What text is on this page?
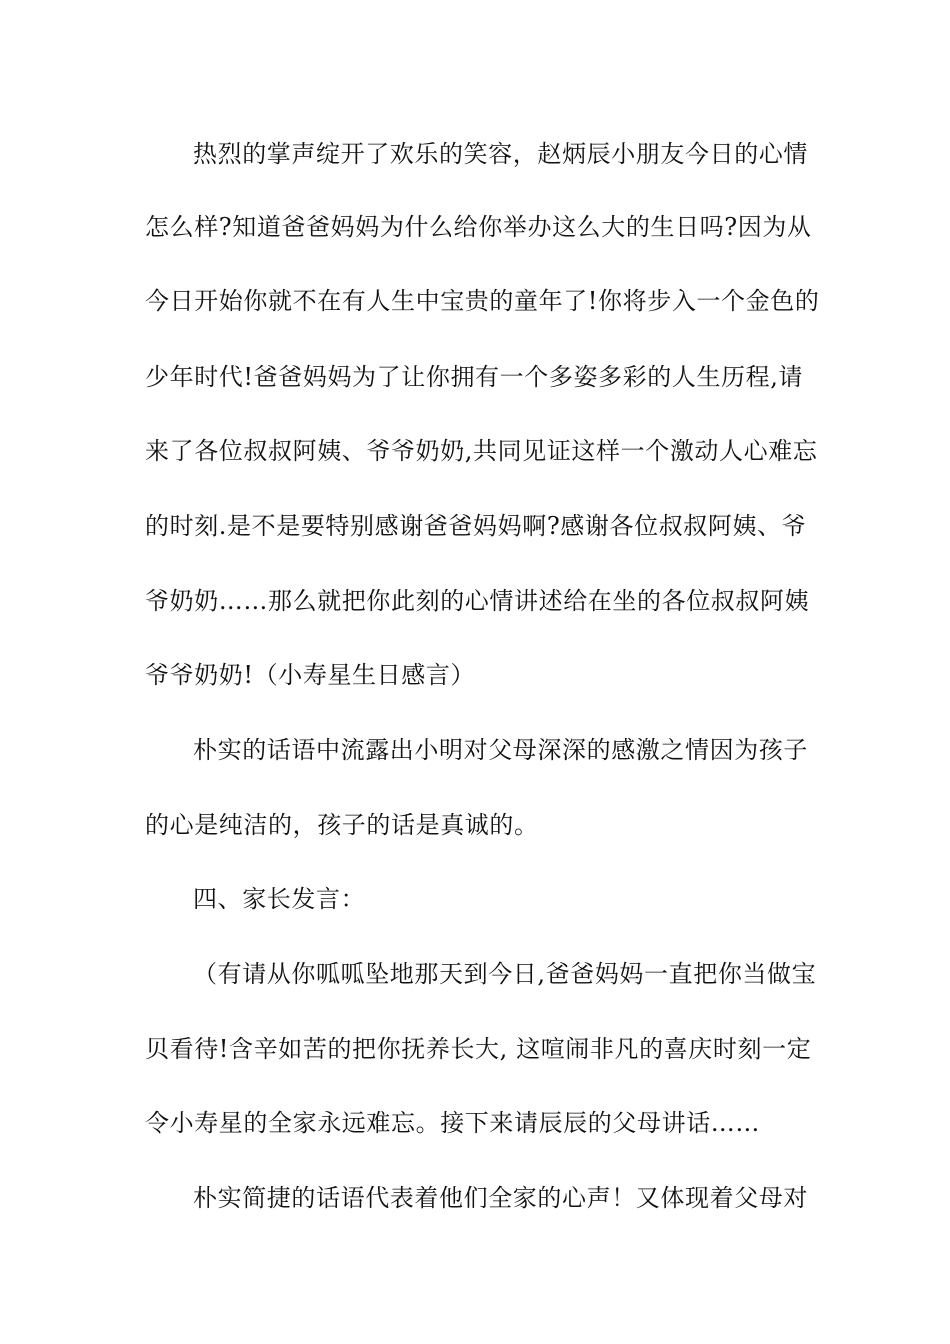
热烈的掌声绽开了欢乐的笑容，赵炳辰小朋友今日的心情
怎么样?知道爸爸妈妈为什么给你举办这么大的生日吗?因为从
今日开始你就不在有人生中宝贵的童年了!你将步入一个金色的
少年时代!爸爸妈妈为了让你拥有一个多姿多彩的人生历程,请
来了各位叔叔阿姨、爷爷奶奶,共同见证这样一个激动人心难忘
的时刻.是不是要特别感谢爸爸妈妈啊?感谢各位叔叔阿姨、爷
爷奶奶……那么就把你此刻的心情讲述给在坐的各位叔叔阿姨
爷爷奶奶!（小寿星生日感言）
朴实的话语中流露出小明对父母深深的感激之情因为孩子
的心是纯洁的，孩子的话是真诚的。
四、家长发言：
（有请从你呱呱坠地那天到今日,爸爸妈妈一直把你当做宝
贝看待!含辛如苦的把你抚养长大, 这喧闹非凡的喜庆时刻一定
令小寿星的全家永远难忘。接下来请辰辰的父母讲话……
朴实简捷的话语代表着他们全家的心声！又体现着父母对
